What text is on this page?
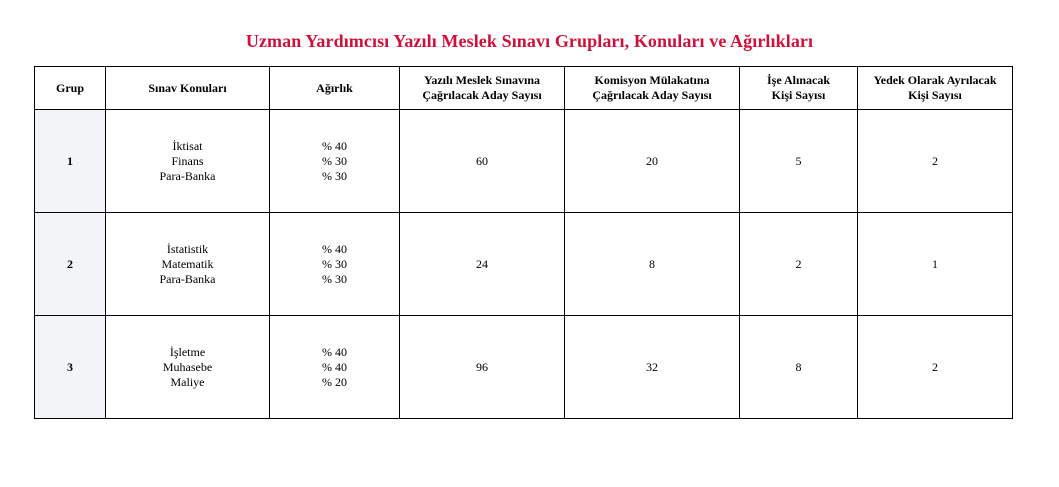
Uzman Yardımcısı Yazılı Meslek Sınavı Grupları, Konuları ve Ağırlıkları
Grup	Sınav Konuları	Ağırlık	Yazılı Meslek Sınavına
Çağrılacak Aday Sayısı	Komisyon Mülakatına
Çağrılacak Aday Sayısı	İşe Alınacak
Kişi Sayısı	Yedek Olarak Ayrılacak
Kişi Sayısı

1	İktisat
Finans
Para-Banka	% 40
% 30
% 30	60	20	5	2
2	İstatistik
Matematik
Para-Banka	% 40
% 30
% 30	24	8	2	1
3	İşletme
Muhasebe
Maliye	% 40
% 40
% 20	96	32	8	2
